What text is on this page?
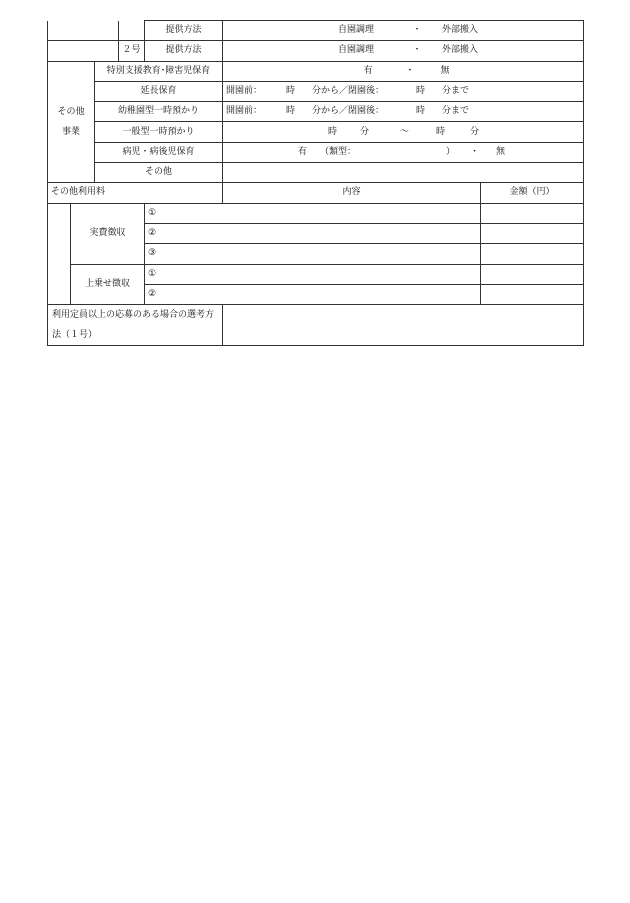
				提供方法	自園調理 ・ 外部搬入	
			２号	提供方法	自園調理 ・ 外部搬入	
その他
事業		特別支援教育･障害児保育			有 ・ 無	
		延長保育			開園前： 時 分から／閉園後： 時 分まで	
		幼稚園型一時預かり			開園前： 時 分から／閉園後： 時 分まで	
		一般型一時預かり			時 分 ～ 時 分	
		病児・病後児保育			有 （類型： ） ・ 無	
		その他				
その他利用料					内容	金額（円）
	実費徴収			①		
				②		
				③		
	上乗せ徴収			①		
				②		
利用定員以上の応募のある場合の選考方法（１号）						
